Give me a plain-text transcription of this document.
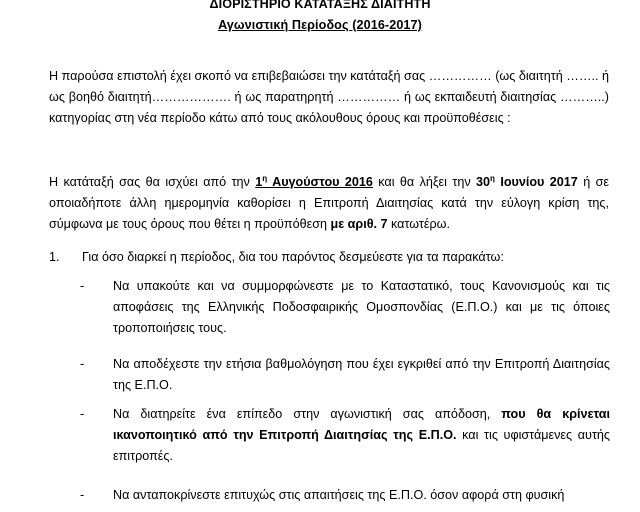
ΔΙΟΡΙΣΤΗΡΙΟ ΚΑΤΑΤΑΞΗΣ ΔΙΑΙΤΗΤΗ
Αγωνιστική Περίοδος (2016-2017)
Η παρούσα επιστολή έχει σκοπό να επιβεβαιώσει την κατάταξή σας …………… (ως διαιτητή …….. ή ως βοηθό διαιτητή………………. ή ως παρατηρητή …………… ή ως εκπαιδευτή διαιτησίας ………..) κατηγορίας στη νέα περίοδο κάτω από τους ακόλουθους όρους και προϋποθέσεις :
Η κατάταξή σας θα ισχύει από την $1^\eta$ Αυγούστου 2016 και θα λήξει την $30^\eta$ Ιουνίου 2017 ή σε οποιαδήποτε άλλη ημερομηνία καθορίσει η Επιτροπή Διαιτησίας κατά την εύλογη κρίση της, σύμφωνα με τους όρους που θέτει η προϋπόθεση με αριθ. 7 κατωτέρω.
1. Για όσο διαρκεί η περίοδος, δια του παρόντος δεσμεύεστε για τα παρακάτω:
- Να υπακούτε και να συμμορφώνεστε με το Καταστατικό, τους Κανονισμούς και τις αποφάσεις της Ελληνικής Ποδοσφαιρικής Ομοσπονδίας (Ε.Π.Ο.) και με τις όποιες τροποποιήσεις τους.
- Να αποδέχεστε την ετήσια βαθμολόγηση που έχει εγκριθεί από την Επιτροπή Διαιτησίας της Ε.Π.Ο.
- Να διατηρείτε ένα επίπεδο στην αγωνιστική σας απόδοση, που θα κρίνεται ικανοποιητικό από την Επιτροπή Διαιτησίας της Ε.Π.Ο. και τις υφιστάμενες αυτής επιτροπές.
- Να ανταποκρίνεστε επιτυχώς στις απαιτήσεις της Ε.Π.Ο. όσον αφορά στη φυσική
